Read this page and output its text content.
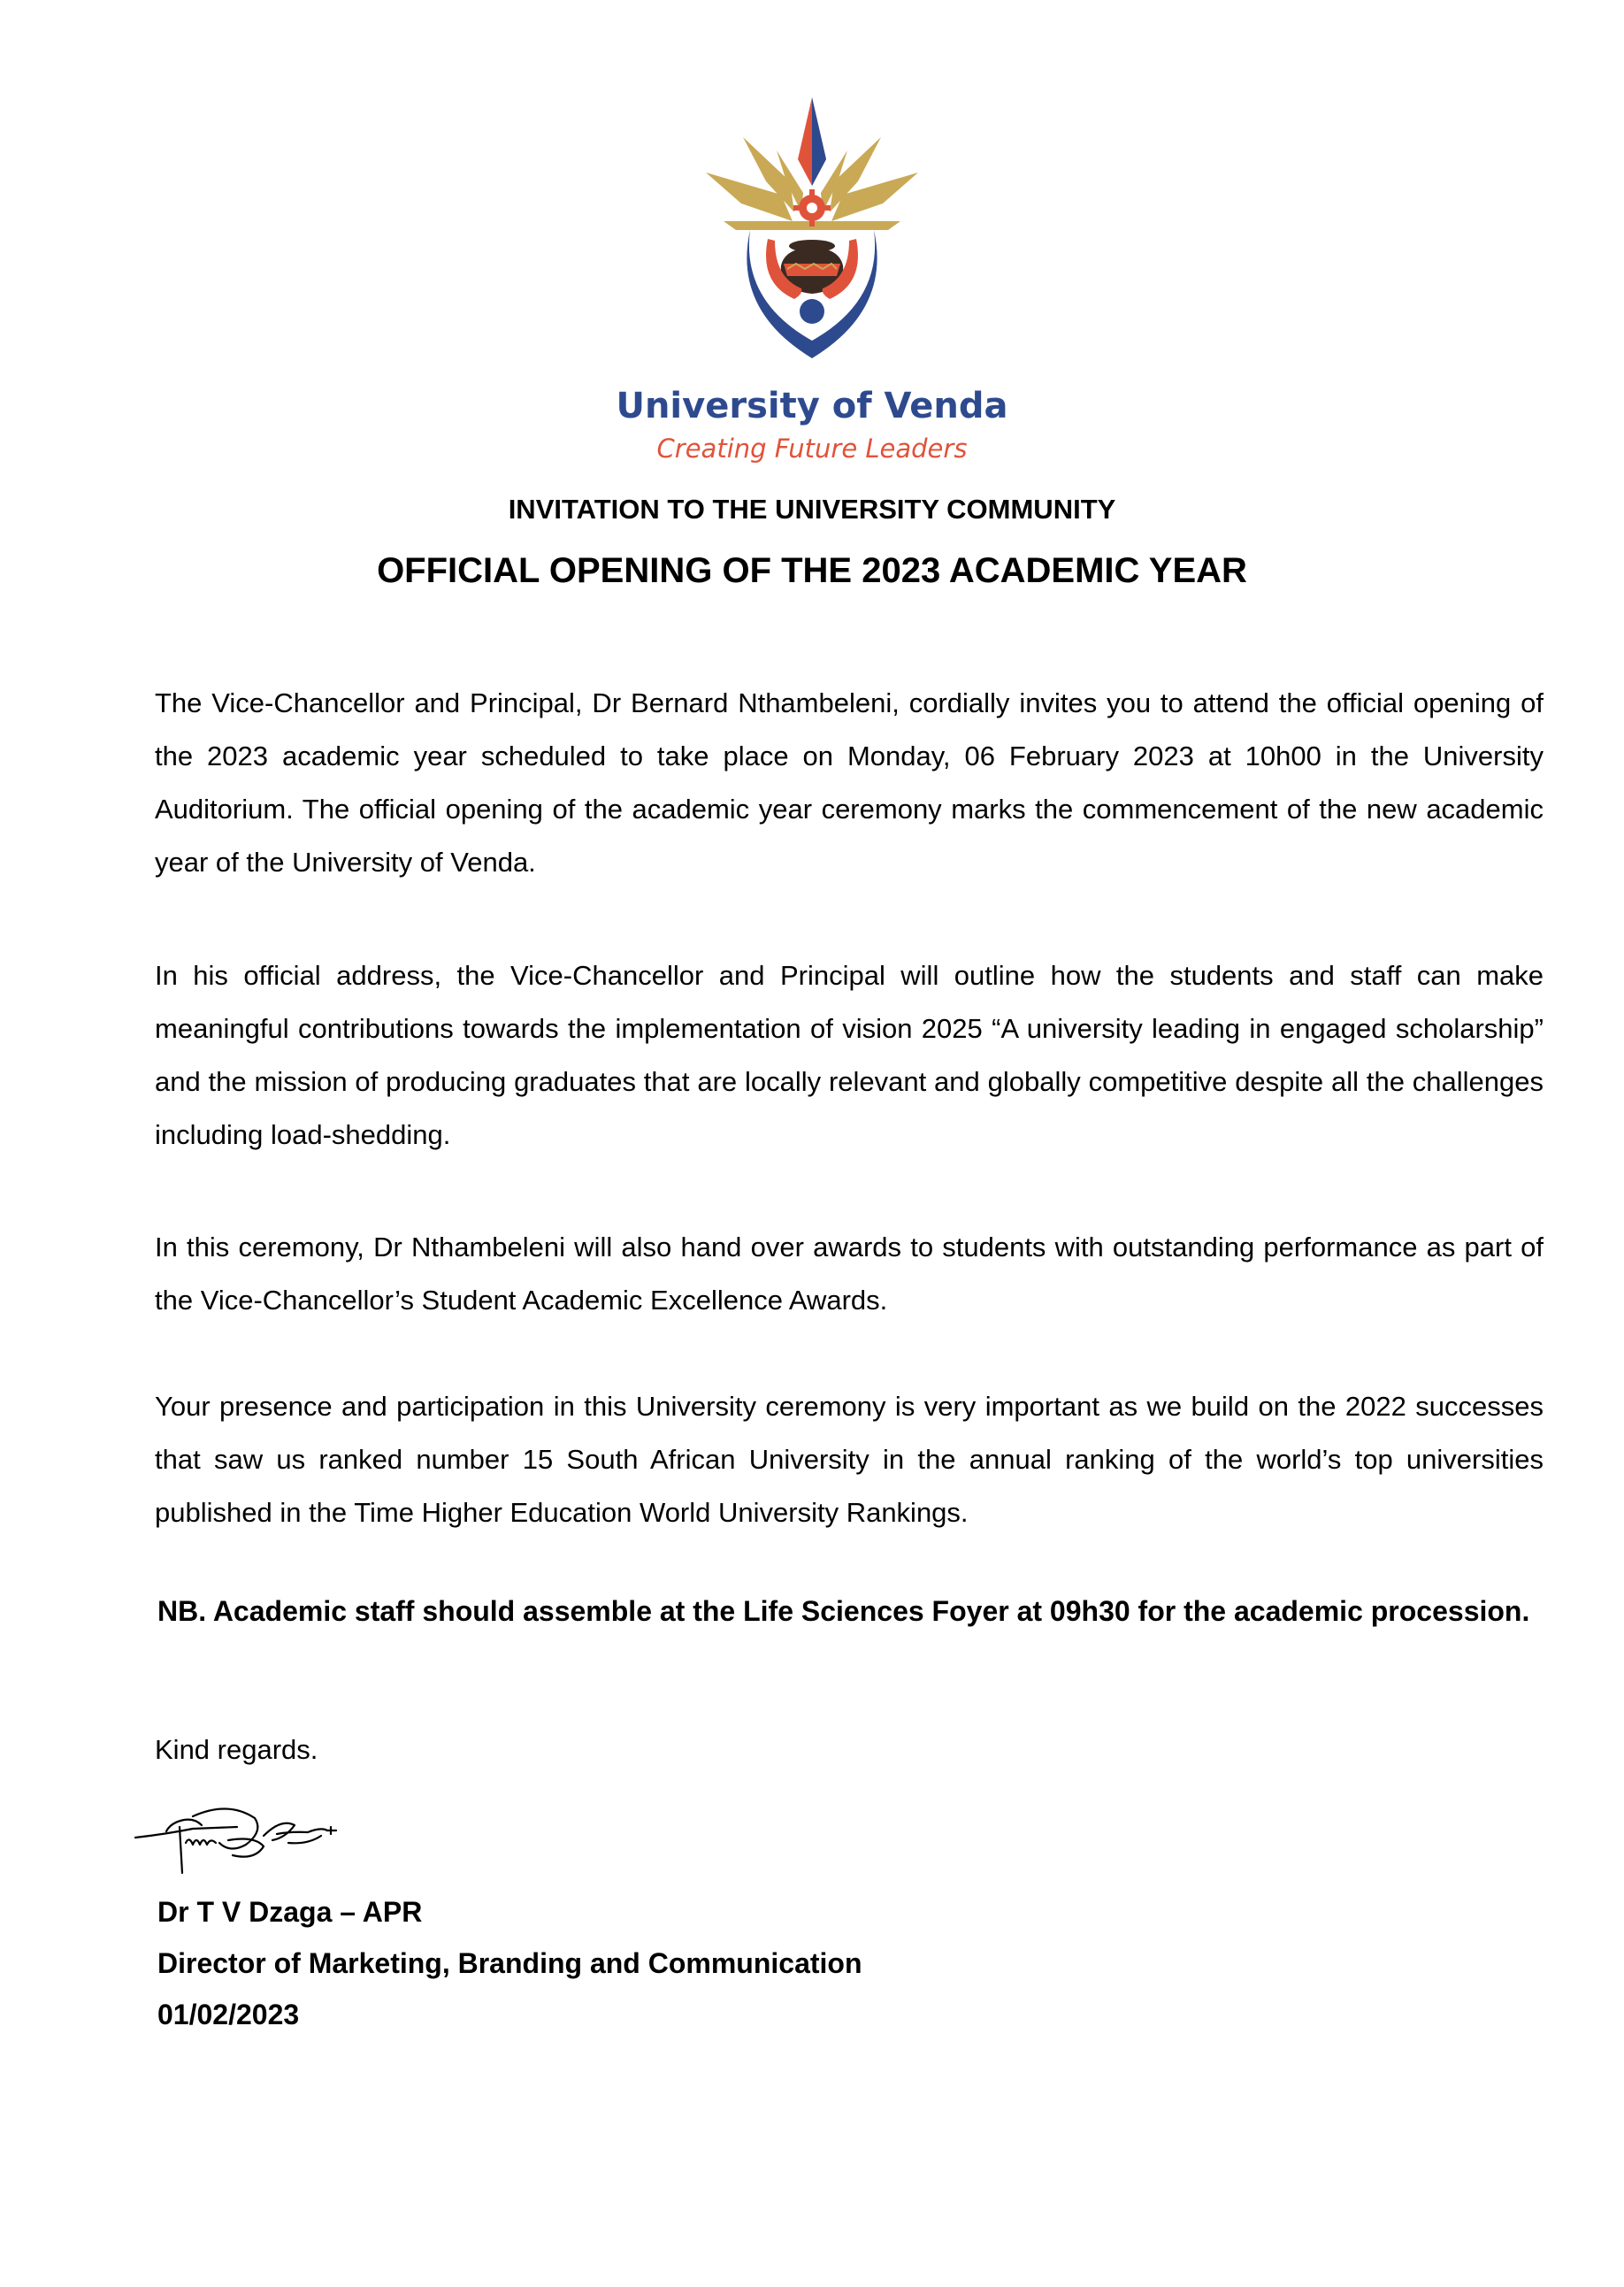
University of Venda
Creating Future Leaders
INVITATION TO THE UNIVERSITY COMMUNITY
OFFICIAL OPENING OF THE 2023 ACADEMIC YEAR

The Vice-Chancellor and Principal, Dr Bernard Nthambeleni, cordially invites you to attend the official opening of the 2023 academic year scheduled to take place on Monday, 06 February 2023 at 10h00 in the University Auditorium. The official opening of the academic year ceremony marks the commencement of the new academic year of the University of Venda.

In his official address, the Vice-Chancellor and Principal will outline how the students and staff can make meaningful contributions towards the implementation of vision 2025 “A university leading in engaged scholarship” and the mission of producing graduates that are locally relevant and globally competitive despite all the challenges including load-shedding.

In this ceremony, Dr Nthambeleni will also hand over awards to students with outstanding performance as part of the Vice-Chancellor’s Student Academic Excellence Awards.

Your presence and participation in this University ceremony is very important as we build on the 2022 successes that saw us ranked number 15 South African University in the annual ranking of the world’s top universities published in the Time Higher Education World University Rankings.

NB. Academic staff should assemble at the Life Sciences Foyer at 09h30 for the academic procession.

Kind regards.
Dr T V Dzaga – APR
Director of Marketing, Branding and Communication
01/02/2023
